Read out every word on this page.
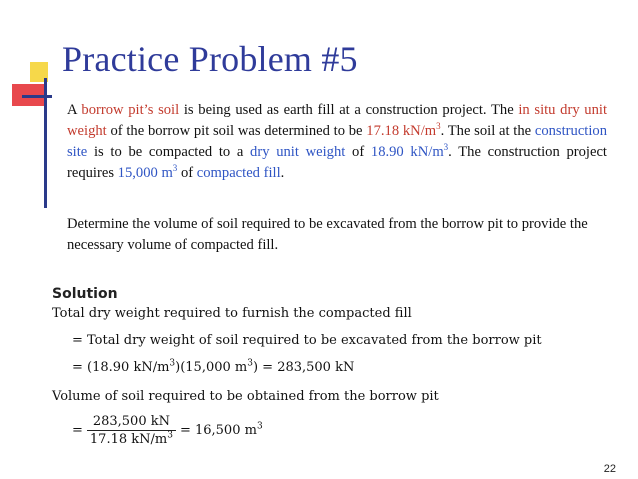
Practice Problem #5

A borrow pit’s soil is being used as earth fill at a construction project. The in situ dry unit weight of the borrow pit soil was determined to be 17.18 $kN/m^3$. The soil at the construction site is to be compacted to a dry unit weight of 18.90 $kN/m^3$. The construction project requires 15,000 $m^3$ of compacted fill.

Determine the volume of soil required to be excavated from the borrow pit to provide the necessary volume of compacted fill.

Solution

Total dry weight required to furnish the compacted fill
= Total dry weight of soil required to be excavated from the borrow pit
= (18.90 $kN/m^3)(15,000$ $m^3) = 283,500$ kN
Volume of soil required to be obtained from the borrow pit
= $\frac{283,500 kN}{17.18 kN/m^3} = 16,500$ $m^3$
22
